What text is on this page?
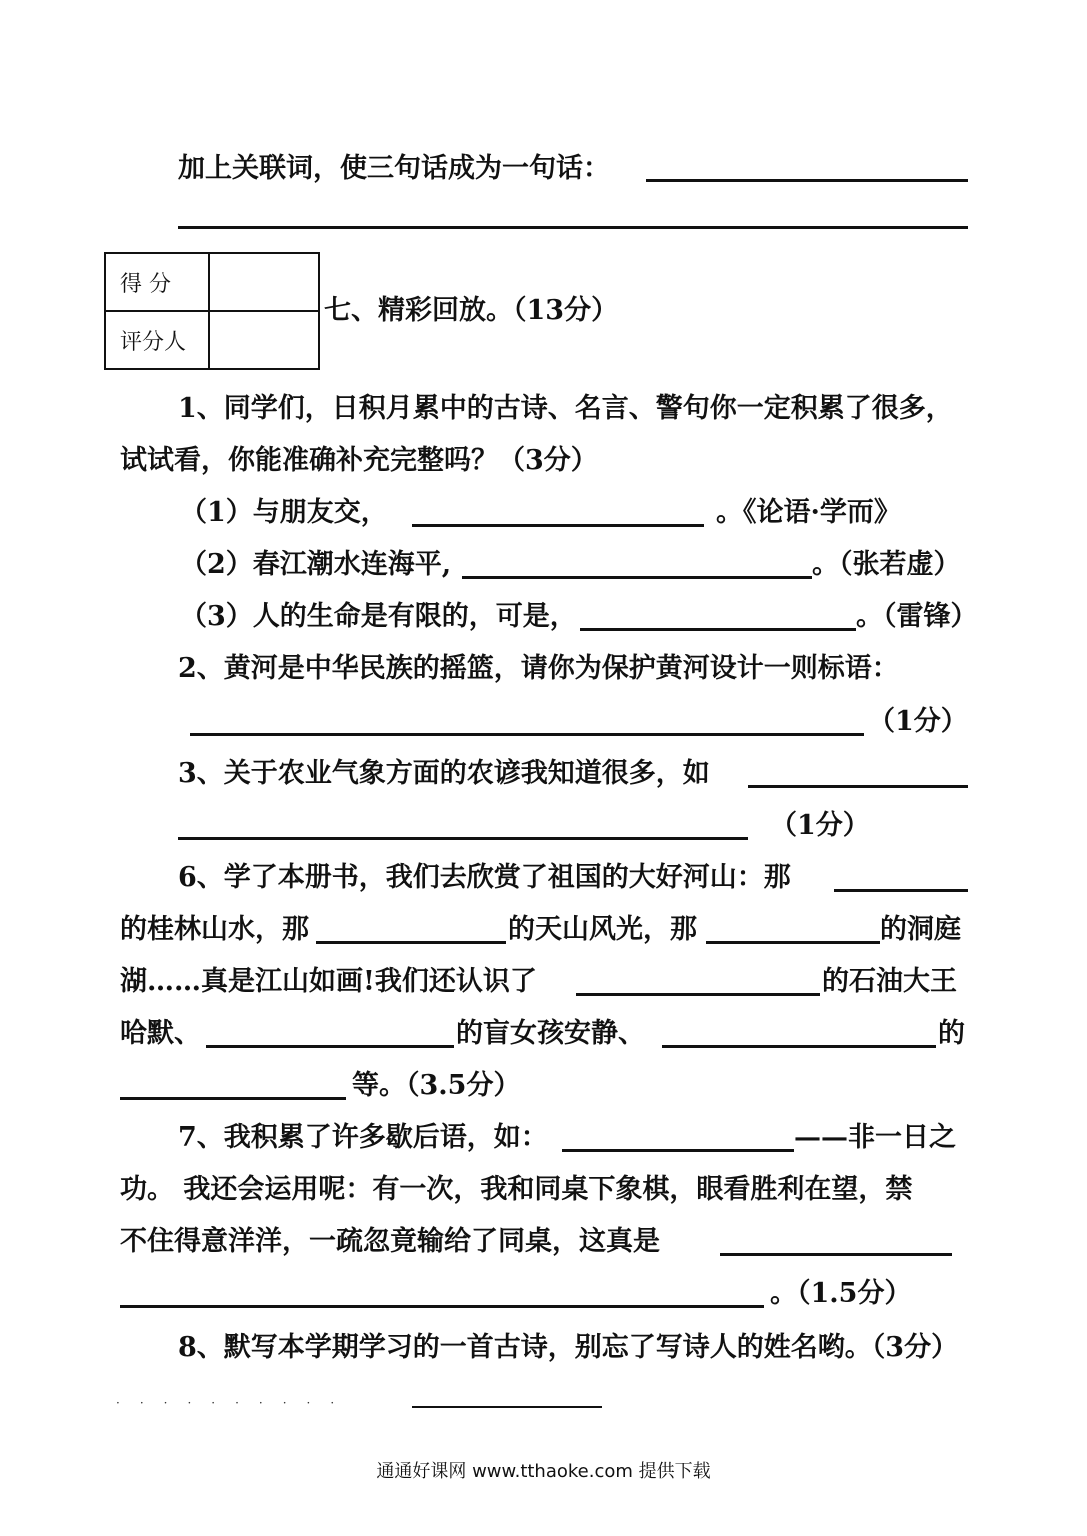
加上关联词，使三句话成为一句话：
得 分	
评分人	
七、精彩回放。（13分）
1、同学们，日积月累中的古诗、名言、警句你一定积累了很多，
试试看，你能准确补充完整吗？（3分）
（1）与朋友交，	。《论语·学而》
（2）春江潮水连海平,	。（张若虚）
（3）人的生命是有限的，可是，	。（雷锋）
2、黄河是中华民族的摇篮，请你为保护黄河设计一则标语：
（1分）
3、关于农业气象方面的农谚我知道很多，如
（1分）
6、学了本册书，我们去欣赏了祖国的大好河山：那
的桂林山水，那	的天山风光，那	的洞庭
湖……真是江山如画!我们还认识了	的石油大王
哈默、	的盲女孩安静、	的
等。（3.5分）
7、我积累了许多歇后语，如：	——非一日之
功。 我还会运用呢：有一次，我和同桌下象棋，眼看胜利在望，禁
不住得意洋洋，一疏忽竟输给了同桌，这真是
。（1.5分）
8、默写本学期学习的一首古诗，别忘了写诗人的姓名哟。（3分）
··········
通通好课网 www.tthaoke.com 提供下载
